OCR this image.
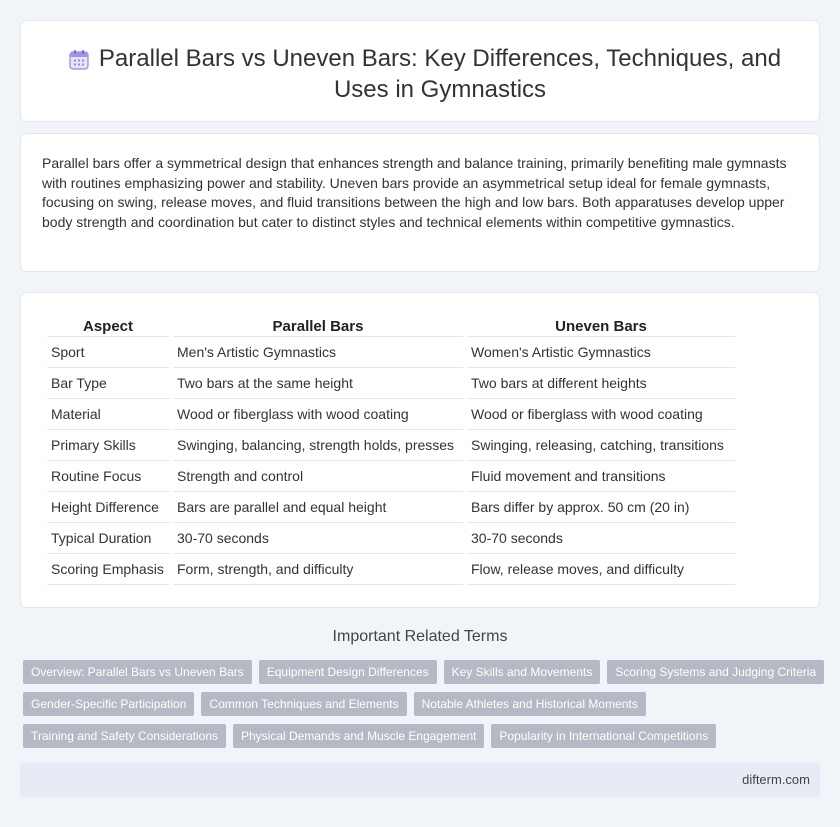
Parallel Bars vs Uneven Bars: Key Differences, Techniques, and Uses in Gymnastics

Parallel bars offer a symmetrical design that enhances strength and balance training, primarily benefiting male gymnasts with routines emphasizing power and stability. Uneven bars provide an asymmetrical setup ideal for female gymnasts, focusing on swing, release moves, and fluid transitions between the high and low bars. Both apparatuses develop upper body strength and coordination but cater to distinct styles and technical elements within competitive gymnastics.

Aspect	Parallel Bars	Uneven Bars
Sport	Men's Artistic Gymnastics	Women's Artistic Gymnastics
Bar Type	Two bars at the same height	Two bars at different heights
Material	Wood or fiberglass with wood coating	Wood or fiberglass with wood coating
Primary Skills	Swinging, balancing, strength holds, presses	Swinging, releasing, catching, transitions
Routine Focus	Strength and control	Fluid movement and transitions
Height Difference	Bars are parallel and equal height	Bars differ by approx. 50 cm (20 in)
Typical Duration	30-70 seconds	30-70 seconds
Scoring Emphasis	Form, strength, and difficulty	Flow, release moves, and difficulty
Important Related Terms
Overview: Parallel Bars vs Uneven Bars	Equipment Design Differences	Key Skills and Movements	Scoring Systems and Judging Criteria
Gender-Specific Participation	Common Techniques and Elements	Notable Athletes and Historical Moments
Training and Safety Considerations	Physical Demands and Muscle Engagement	Popularity in International Competitions
difterm.com
